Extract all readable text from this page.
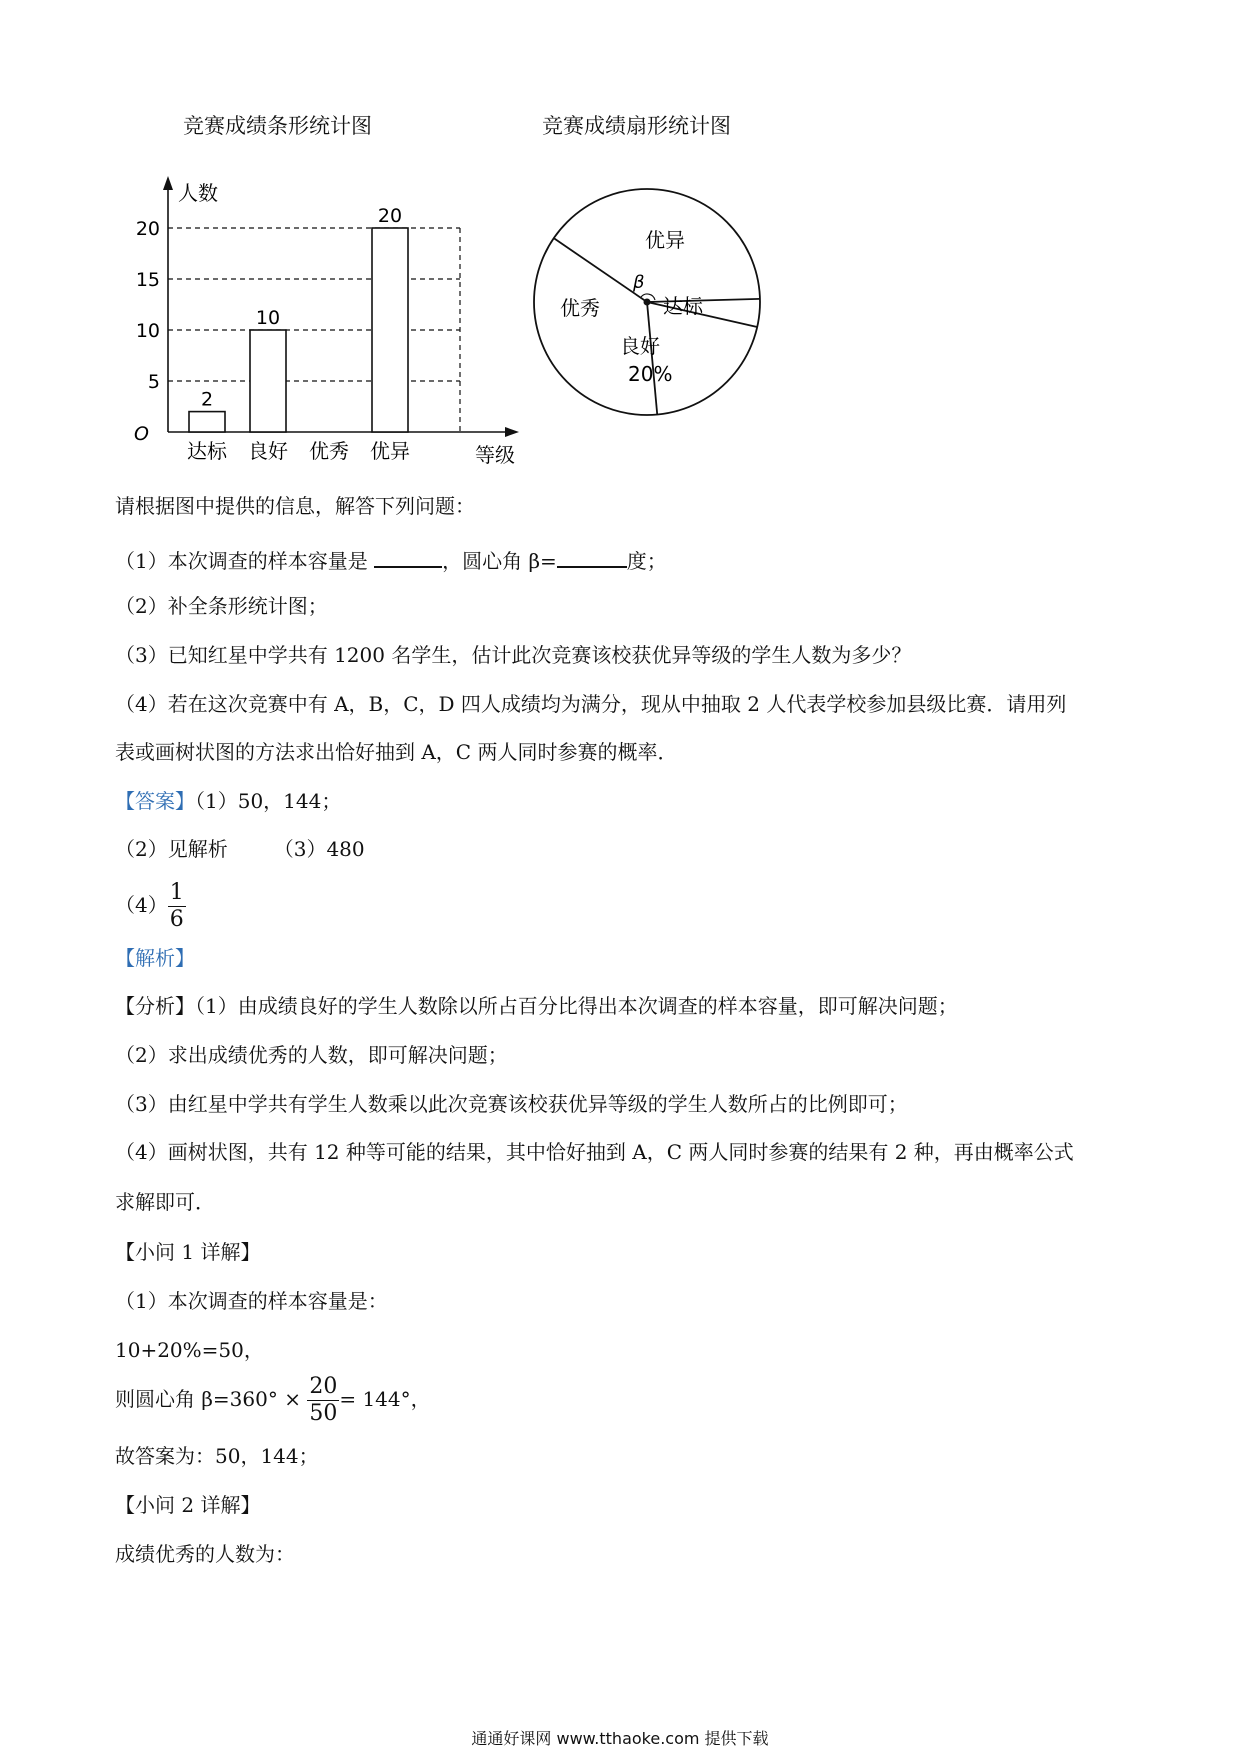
竞赛成绩条形统计图	竞赛成绩扇形统计图
5
10
15
20
人数
O
等级
达标
2
良好
10
优秀 优异
20
优异
达标
良好
20%
优秀
β
请根据图中提供的信息，解答下列问题：
（1）本次调查的样本容量是	，圆心角 β=	度；
（2）补全条形统计图；
（3）已知红星中学共有 1200 名学生，估计此次竞赛该校获优异等级的学生人数为多少？
（4）若在这次竞赛中有 A，B，C，D 四人成绩均为满分，现从中抽取 2 人代表学校参加县级比赛．请用列
表或画树状图的方法求出恰好抽到 A，C 两人同时参赛的概率．
【答案】（1）50，144；
（2）见解析 （3）480
$(4) \frac{1}{6}$
【解析】
【分析】（1）由成绩良好的学生人数除以所占百分比得出本次调查的样本容量，即可解决问题；
（2）求出成绩优秀的人数，即可解决问题；
（3）由红星中学共有学生人数乘以此次竞赛该校获优异等级的学生人数所占的比例即可；
（4）画树状图，共有 12 种等可能的结果，其中恰好抽到 A，C 两人同时参赛的结果有 2 种，再由概率公式
求解即可．
【小问 1 详解】
（1）本次调查的样本容量是：
10+20%=50，
则圆心角 $\beta=360^\circ \times \frac{20}{50} = 144^\circ$，
故答案为：50，144；
【小问 2 详解】
成绩优秀的人数为：
通通好课网 www.tthaoke.com 提供下载
